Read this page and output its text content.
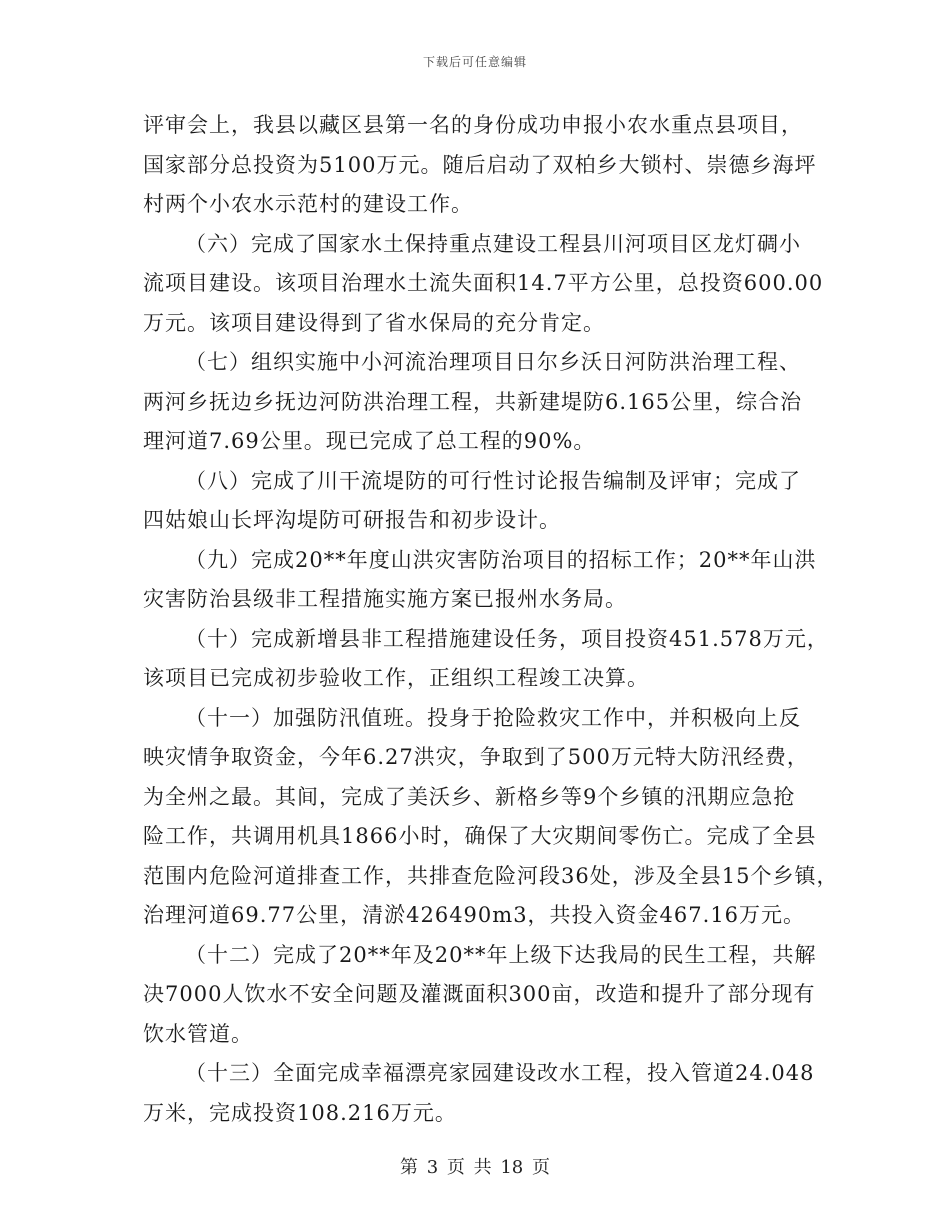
下载后可任意编辑
评审会上，我县以藏区县第一名的身份成功申报小农水重点县项目，
国家部分总投资为5100万元。随后启动了双柏乡大锁村、崇德乡海坪
村两个小农水示范村的建设工作。
（六）完成了国家水土保持重点建设工程县川河项目区龙灯碉小
流项目建设。该项目治理水土流失面积14.7平方公里，总投资600.00
万元。该项目建设得到了省水保局的充分肯定。
（七）组织实施中小河流治理项目日尔乡沃日河防洪治理工程、
两河乡抚边乡抚边河防洪治理工程，共新建堤防6.165公里，综合治
理河道7.69公里。现已完成了总工程的90%。
（八）完成了川干流堤防的可行性讨论报告编制及评审；完成了
四姑娘山长坪沟堤防可研报告和初步设计。
（九）完成20**年度山洪灾害防治项目的招标工作；20**年山洪
灾害防治县级非工程措施实施方案已报州水务局。
（十）完成新增县非工程措施建设任务，项目投资451.578万元，
该项目已完成初步验收工作，正组织工程竣工决算。
（十一）加强防汛值班。投身于抢险救灾工作中，并积极向上反
映灾情争取资金，今年6.27洪灾，争取到了500万元特大防汛经费，
为全州之最。其间，完成了美沃乡、新格乡等9个乡镇的汛期应急抢
险工作，共调用机具1866小时，确保了大灾期间零伤亡。完成了全县
范围内危险河道排查工作，共排查危险河段36处，涉及全县15个乡镇，
治理河道69.77公里，清淤426490m3，共投入资金467.16万元。
（十二）完成了20**年及20**年上级下达我局的民生工程，共解
决7000人饮水不安全问题及灌溉面积300亩，改造和提升了部分现有
饮水管道。
（十三）全面完成幸福漂亮家园建设改水工程，投入管道24.048
万米，完成投资108.216万元。
第 3 页 共 18 页
